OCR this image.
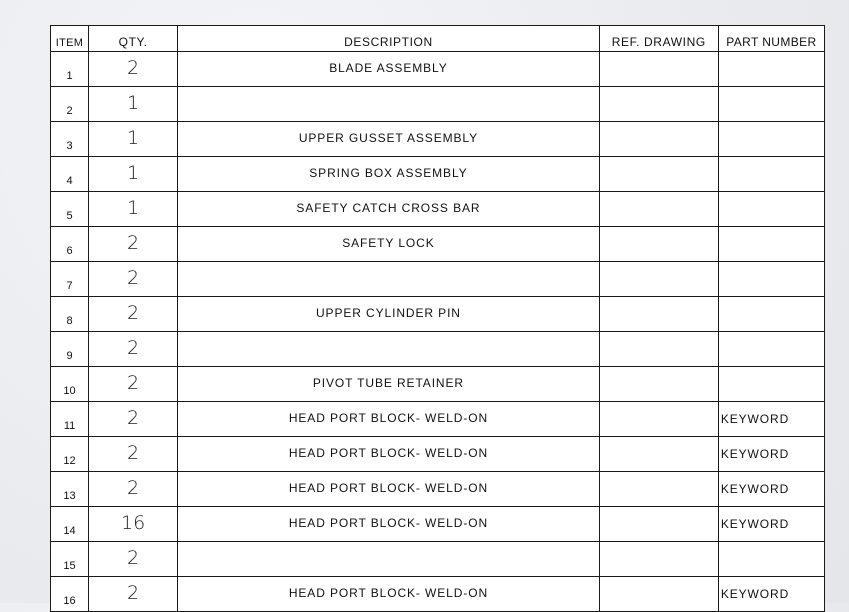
ITEM	QTY.	DESCRIPTION	REF. DRAWING	PART NUMBER
1	2	BLADE ASSEMBLY		
2	1			
3	1	UPPER GUSSET ASSEMBLY		
4	1	SPRING BOX ASSEMBLY		
5	1	SAFETY CATCH CROSS BAR		
6	2	SAFETY LOCK		
7	2			
8	2	UPPER CYLINDER PIN		
9	2			
10	2	PIVOT TUBE RETAINER		
11	2	HEAD PORT BLOCK- WELD-ON		KEYWORD
12	2	HEAD PORT BLOCK- WELD-ON		KEYWORD
13	2	HEAD PORT BLOCK- WELD-ON		KEYWORD
14	16	HEAD PORT BLOCK- WELD-ON		KEYWORD
15	2			
16	2	HEAD PORT BLOCK- WELD-ON		KEYWORD
